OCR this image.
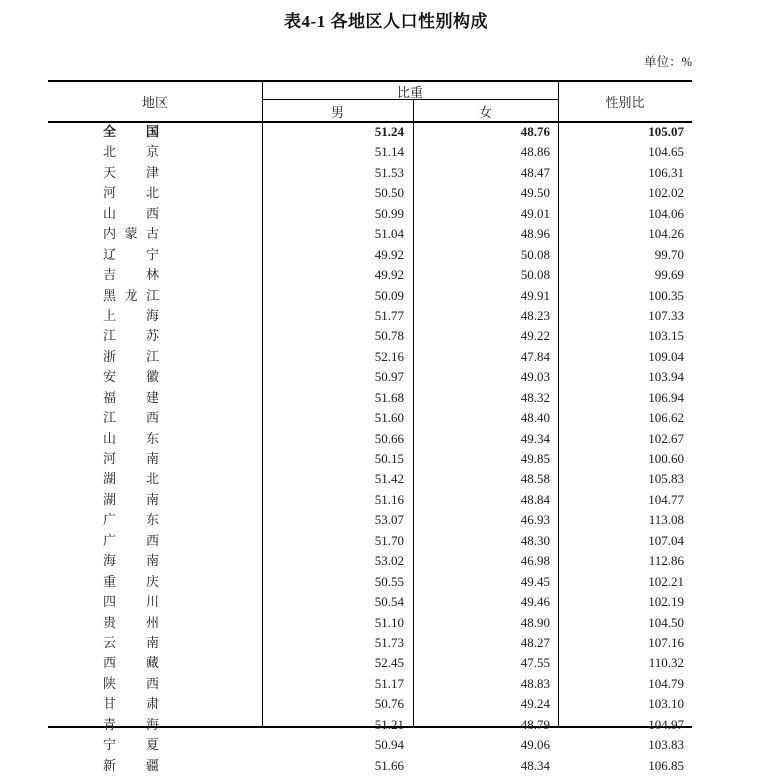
表4-1 各地区人口性别构成
单位：%
地区
比重
男	女
性别比
全　国	51.24	48.76	105.07
北　京	51.14	48.86	104.65
天　津	51.53	48.47	106.31
河　北	50.50	49.50	102.02
山　西	50.99	49.01	104.06
内蒙古	51.04	48.96	104.26
辽　宁	49.92	50.08	99.70
吉　林	49.92	50.08	99.69
黑龙江	50.09	49.91	100.35
上　海	51.77	48.23	107.33
江　苏	50.78	49.22	103.15
浙　江	52.16	47.84	109.04
安　徽	50.97	49.03	103.94
福　建	51.68	48.32	106.94
江　西	51.60	48.40	106.62
山　东	50.66	49.34	102.67
河　南	50.15	49.85	100.60
湖　北	51.42	48.58	105.83
湖　南	51.16	48.84	104.77
广　东	53.07	46.93	113.08
广　西	51.70	48.30	107.04
海　南	53.02	46.98	112.86
重　庆	50.55	49.45	102.21
四　川	50.54	49.46	102.19
贵　州	51.10	48.90	104.50
云　南	51.73	48.27	107.16
西　藏	52.45	47.55	110.32
陕　西	51.17	48.83	104.79
甘　肃	50.76	49.24	103.10
青　海	51.21	48.79	104.97
宁　夏	50.94	49.06	103.83
新　疆	51.66	48.34	106.85
